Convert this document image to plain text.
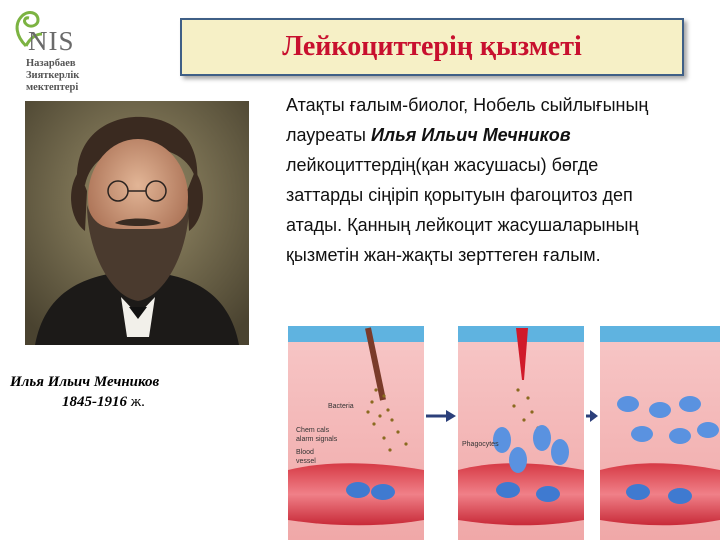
NIS
Назарбаев
Зияткерлік
мектептері
Лейкоциттерің қызметі
Илья Ильич Мечников
1845-1916 ж.
Атақты ғалым-биолог, Нобель сыйлығының лауреаты Илья Ильич Мечников лейкоциттердің(қан жасушасы) бөгде заттарды сіңіріп қорытуын фагоцитоз деп атады. Қанның лейкоцит жасушаларының қызметін жан-жақты зерттеген ғалым.
Bacteria
Chem cals
alarm signals
Blood
vessel
Phagocytes
